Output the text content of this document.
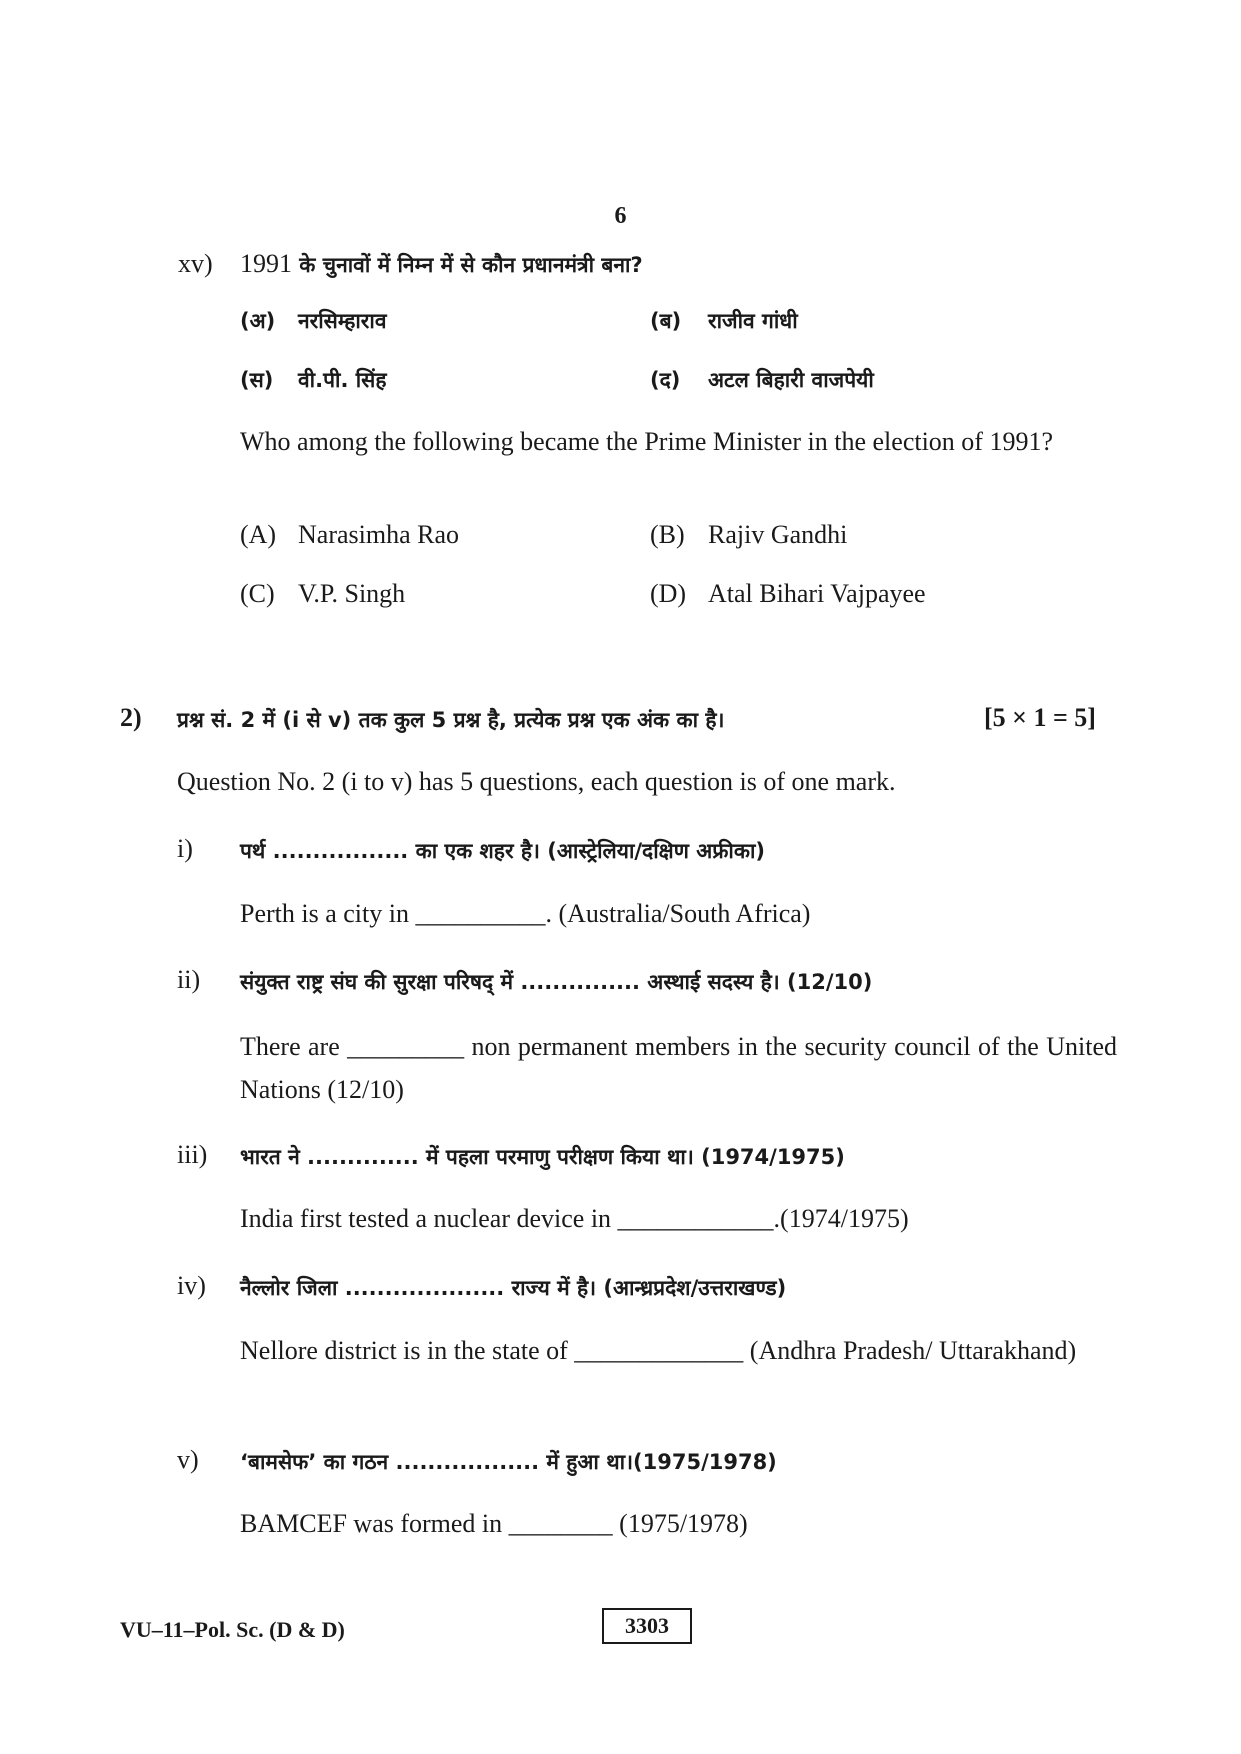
6
xv) 1991 के चुनावों में निम्न में से कौन प्रधानमंत्री बना?
(अ) नरसिम्हाराव	(ब) राजीव गांधी
(स) वी.पी. सिंह	(द) अटल बिहारी वाजपेयी
Who among the following became the Prime Minister in the election of 1991?
(A) Narasimha Rao	(B) Rajiv Gandhi
(C) V.P. Singh	(D) Atal Bihari Vajpayee
2) प्रश्न सं. 2 में (i से v) तक कुल 5 प्रश्न है, प्रत्येक प्रश्न एक अंक का है।	[5 × 1 = 5]
Question No. 2 (i to v) has 5 questions, each question is of one mark.
i) पर्थ ................. का एक शहर है। (आस्ट्रेलिया/दक्षिण अफ्रीका)
Perth is a city in __________. (Australia/South Africa)
ii) संयुक्त राष्ट्र संघ की सुरक्षा परिषद् में ............... अस्थाई सदस्य है। (12/10)
There are _________ non permanent members in the security council of the United Nations (12/10)
iii) भारत ने .............. में पहला परमाणु परीक्षण किया था। (1974/1975)
India first tested a nuclear device in ____________.(1974/1975)
iv) नैल्लोर जिला .................... राज्य में है। (आन्ध्रप्रदेश/उत्तराखण्ड)
Nellore district is in the state of _____________ (Andhra Pradesh/ Uttarakhand)
v) ‘बामसेफ’ का गठन .................. में हुआ था।(1975/1978)
BAMCEF was formed in ________ (1975/1978)
VU–11–Pol. Sc. (D & D)	3303
